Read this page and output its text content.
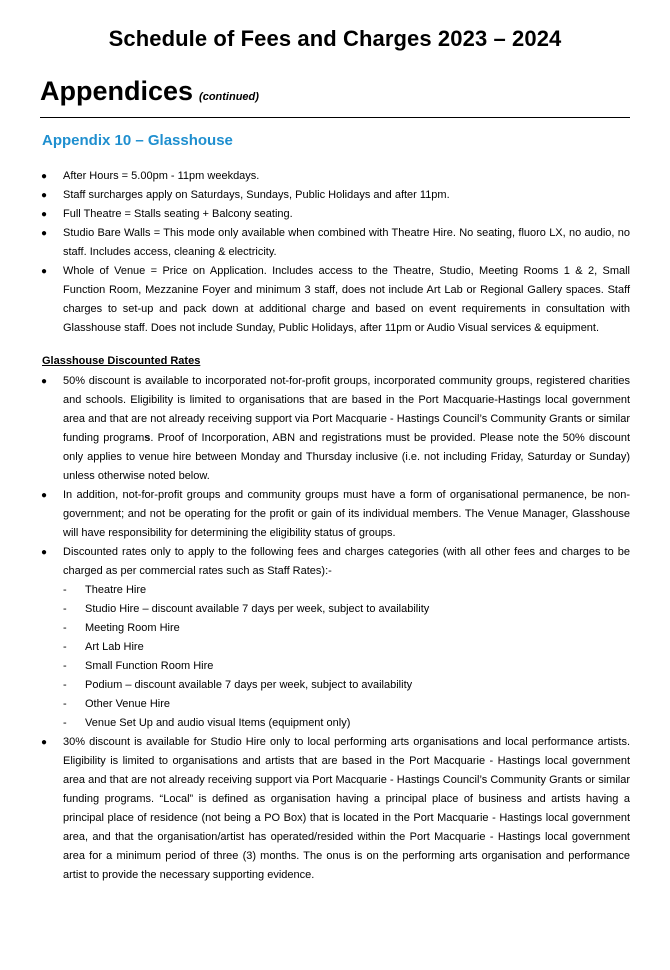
Schedule of Fees and Charges 2023 – 2024
Appendices (continued)
Appendix 10 – Glasshouse
● After Hours = 5.00pm - 11pm weekdays.
● Staff surcharges apply on Saturdays, Sundays, Public Holidays and after 11pm.
● Full Theatre = Stalls seating + Balcony seating.
● Studio Bare Walls = This mode only available when combined with Theatre Hire. No seating, fluoro LX, no audio, no staff. Includes access, cleaning & electricity.
● Whole of Venue = Price on Application. Includes access to the Theatre, Studio, Meeting Rooms 1 & 2, Small Function Room, Mezzanine Foyer and minimum 3 staff, does not include Art Lab or Regional Gallery spaces. Staff charges to set-up and pack down at additional charge and based on event requirements in consultation with Glasshouse staff. Does not include Sunday, Public Holidays, after 11pm or Audio Visual services & equipment.
Glasshouse Discounted Rates
● 50% discount is available to incorporated not-for-profit groups, incorporated community groups, registered charities and schools. Eligibility is limited to organisations that are based in the Port Macquarie-Hastings local government area and that are not already receiving support via Port Macquarie - Hastings Council’s Community Grants or similar funding programs. Proof of Incorporation, ABN and registrations must be provided. Please note the 50% discount only applies to venue hire between Monday and Thursday inclusive (i.e. not including Friday, Saturday or Sunday) unless otherwise noted below.
● In addition, not-for-profit groups and community groups must have a form of organisational permanence, be non-government; and not be operating for the profit or gain of its individual members. The Venue Manager, Glasshouse will have responsibility for determining the eligibility status of groups.
● Discounted rates only to apply to the following fees and charges categories (with all other fees and charges to be charged as per commercial rates such as Staff Rates):-
- Theatre Hire
- Studio Hire – discount available 7 days per week, subject to availability
- Meeting Room Hire
- Art Lab Hire
- Small Function Room Hire
- Podium – discount available 7 days per week, subject to availability
- Other Venue Hire
- Venue Set Up and audio visual Items (equipment only)
● 30% discount is available for Studio Hire only to local performing arts organisations and local performance artists. Eligibility is limited to organisations and artists that are based in the Port Macquarie - Hastings local government area and that are not already receiving support via Port Macquarie - Hastings Council’s Community Grants or similar funding programs. “Local” is defined as organisation having a principal place of business and artists having a principal place of residence (not being a PO Box) that is located in the Port Macquarie - Hastings local government area, and that the organisation/artist has operated/resided within the Port Macquarie - Hastings local government area for a minimum period of three (3) months. The onus is on the performing arts organisation and performance artist to provide the necessary supporting evidence.
